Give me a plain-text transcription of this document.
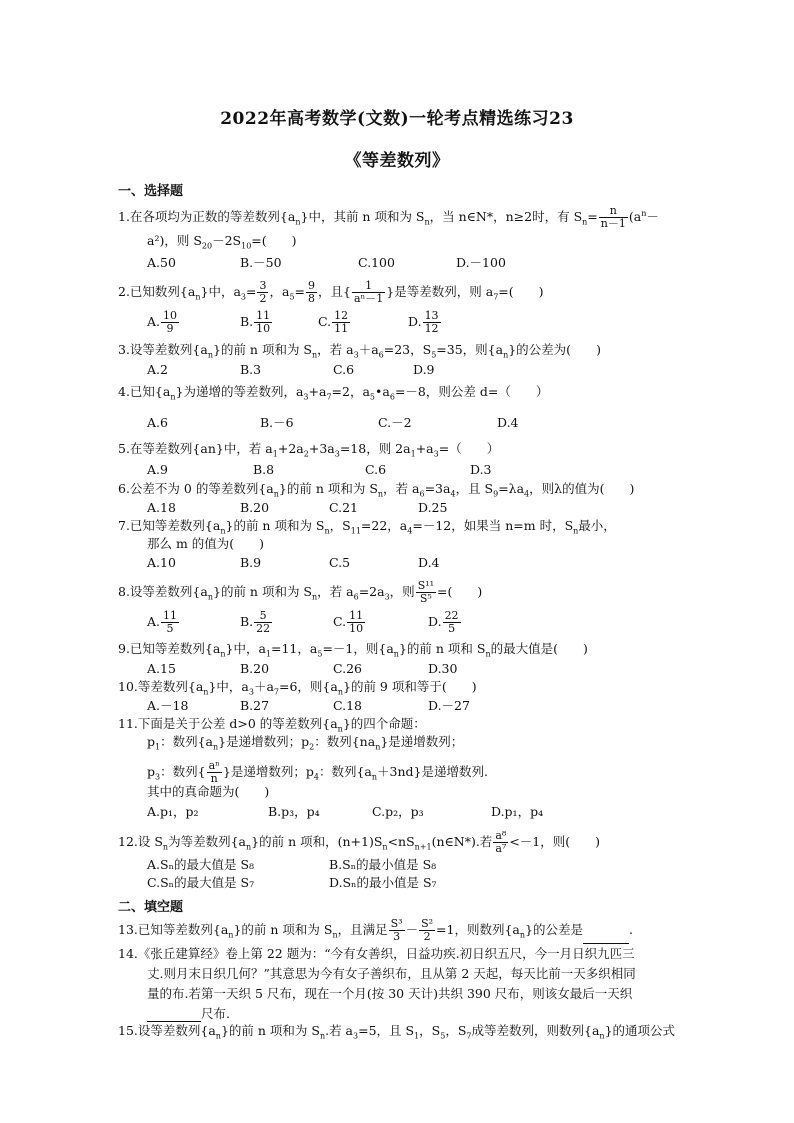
2022年高考数学(文数)一轮考点精选练习23
《等差数列》
一、选择题
1.在各项均为正数的等差数列$\{a_n\}$中，其前 n 项和为 $S_n$，当 n∈N*，n≥2时，有 $S_n= \frac{n}{n-1} (a^n-$
a²)，则 $S_{20}-2S_{10}=$(　　)
A.50	B.－50	C.100	D.－100
2.已知数列$\{a_n\}$中，$a_3= \frac{3}{2}$ ，$a_5= \frac{9}{8}$ ，且{ $\frac{1}{\text{aⁿ－1}}$ }是等差数列，则 $a_7=$(　　)
A. $\frac{10}{9}$	B. $\frac{11}{10}$	C. $\frac{12}{11}$	D. $\frac{13}{12}$
3.设等差数列$\{a_n\}$的前 n 项和为 $S_n$，若 $a_3+a_6=23$，$S_5=35$，则$\{a_n\}$的公差为(　　)
A.2	B.3	C.6	D.9
4.已知$\{a_n\}$为递增的等差数列，$a_3+a_7=2$，$a_5•a_6=-8$，则公差 d=（　　）
A.6	B.－6	C.－2	D.4
5.在等差数列{an}中，若 $a_1+2a_2+3a_3=18$，则 $2a_1+a_3=$（　　）
A.9	B.8	C.6	D.3
6.公差不为 0 的等差数列$\{a_n\}$的前 n 项和为 $S_n$，若 $a_6=3a_4$，且 $S_9=\lambda a_4$，则λ的值为(　　)
A.18	B.20	C.21	D.25
7.已知等差数列$\{a_n\}$的前 n 项和为 $S_n$，$S_{11}=22$，$a_4=-12$，如果当 n=m 时，$S_n$最小，
那么 m 的值为(　　)
A.10	B.9	C.5	D.4
8.设等差数列$\{a_n\}$的前 n 项和为 $S_n$，若 $a_6=2a_3$，则 $\frac{\text{S¹¹}}{\text{S⁵}}$ =(　　)
A. $\frac{11}{5}$	B. $\frac{5}{22}$	C. $\frac{11}{10}$	D. $\frac{22}{5}$
9.已知等差数列$\{a_n\}$中，$a_1=11$，$a_5=-1$，则$\{a_n\}$的前 n 项和 $S_n$的最大值是(　　)
A.15	B.20	C.26	D.30
10.等差数列$\{a_n\}$中，$a_3+a_7=6$，则$\{a_n\}$的前 9 项和等于(　　)
A.－18	B.27	C.18	D.－27
11.下面是关于公差 d>0 的等差数列$\{a_n\}$的四个命题：
$p_1$：数列$\{a_n\}$是递增数列；$p_2$：数列$\{na_n\}$是递增数列；
$p_3$：数列{ $\frac{\text{aⁿ}}{n}$ }是递增数列；$p_4$：数列$\{a_n+3nd\}$是递增数列.
其中的真命题为(　　)
A.p₁，p₂	B.p₃，p₄	C.p₂，p₃	D.p₁，p₄
12.设 $S_n$为等差数列$\{a_n\}$的前 n 项和，$(n+1)S_n<nS_{n+1}(n\in N*)$.若 $\frac{\text{a⁸}}{\text{a⁷}} <-1$，则(　　)
A.Sₙ的最大值是 S₈	B.Sₙ的最小值是 S₈
C.Sₙ的最大值是 S₇	D.Sₙ的最小值是 S₇
二、填空题
13.已知等差数列$\{a_n\}$的前 n 项和为 $S_n$，且满足 $\frac{\text{S³}}{3} - \frac{\text{S²}}{2} =1$，则数列$\{a_n\}$的公差是	.
14.《张丘建算经》卷上第 22 题为：“今有女善织，日益功疾.初日织五尺，今一月日织九匹三
丈.则月末日织几何？”其意思为今有女子善织布，且从第 2 天起，每天比前一天多织相同
量的布.若第一天织 5 尺布，现在一个月(按 30 天计)共织 390 尺布，则该女最后一天织
尺布.
15.设等差数列$\{a_n\}$的前 n 项和为 $S_n$.若 $a_3=5$，且 $S_1$，$S_5$，$S_7$成等差数列，则数列$\{a_n\}$的通项公式
